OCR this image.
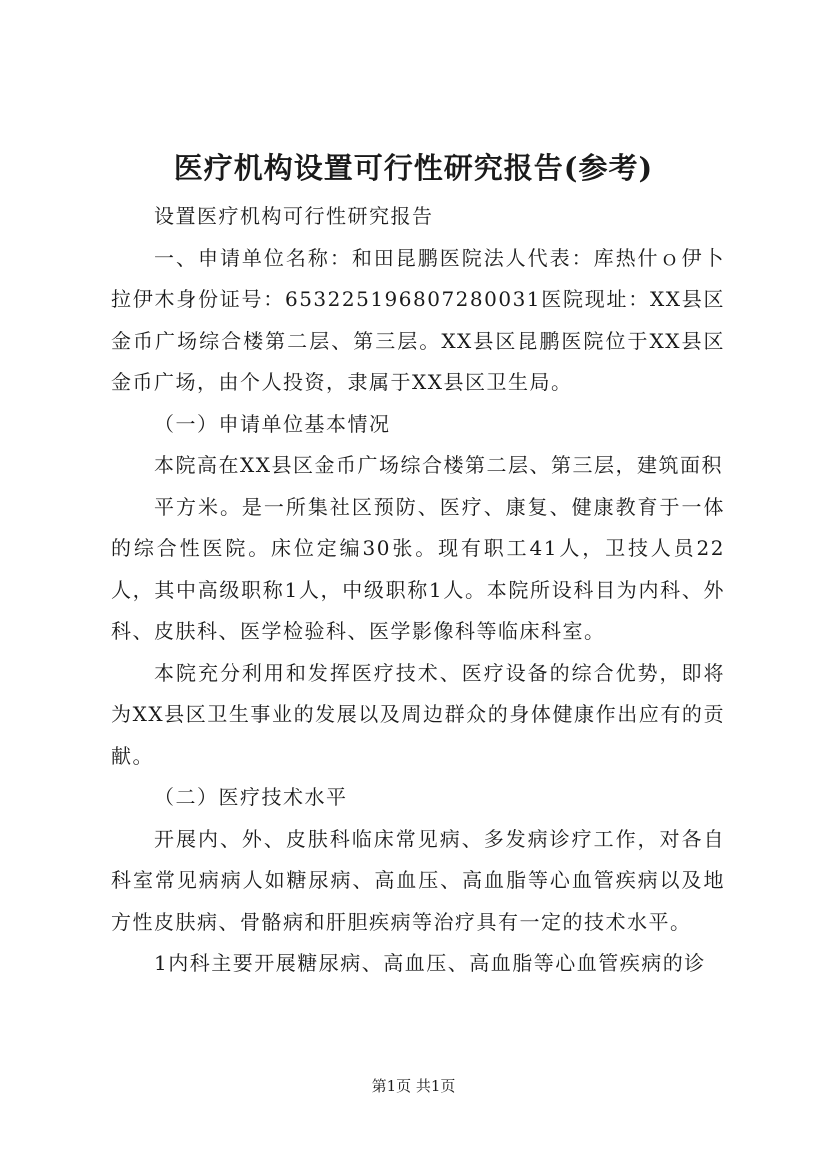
医疗机构设置可行性研究报告(参考)

设置医疗机构可行性研究报告

一、申请单位名称：和田昆鹏医院法人代表：库热什ｏ伊卜拉伊木身份证号：653225196807280031医院现址：XX县区金币广场综合楼第二层、第三层。XX县区昆鹏医院位于XX县区金币广场，由个人投资，隶属于XX县区卫生局。

（一）申请单位基本情况

本院高在XX县区金币广场综合楼第二层、第三层，建筑面积

平方米。是一所集社区预防、医疗、康复、健康教育于一体的综合性医院。床位定编30张。现有职工41人，卫技人员22人，其中高级职称1人，中级职称1人。本院所设科目为内科、外科、皮肤科、医学检验科、医学影像科等临床科室。

本院充分利用和发挥医疗技术、医疗设备的综合优势，即将为XX县区卫生事业的发展以及周边群众的身体健康作出应有的贡献。

（二）医疗技术水平

开展内、外、皮肤科临床常见病、多发病诊疗工作，对各自科室常见病病人如糖尿病、高血压、高血脂等心血管疾病以及地方性皮肤病、骨骼病和肝胆疾病等治疗具有一定的技术水平。

1内科主要开展糖尿病、高血压、高血脂等心血管疾病的诊

第1页 共1页
